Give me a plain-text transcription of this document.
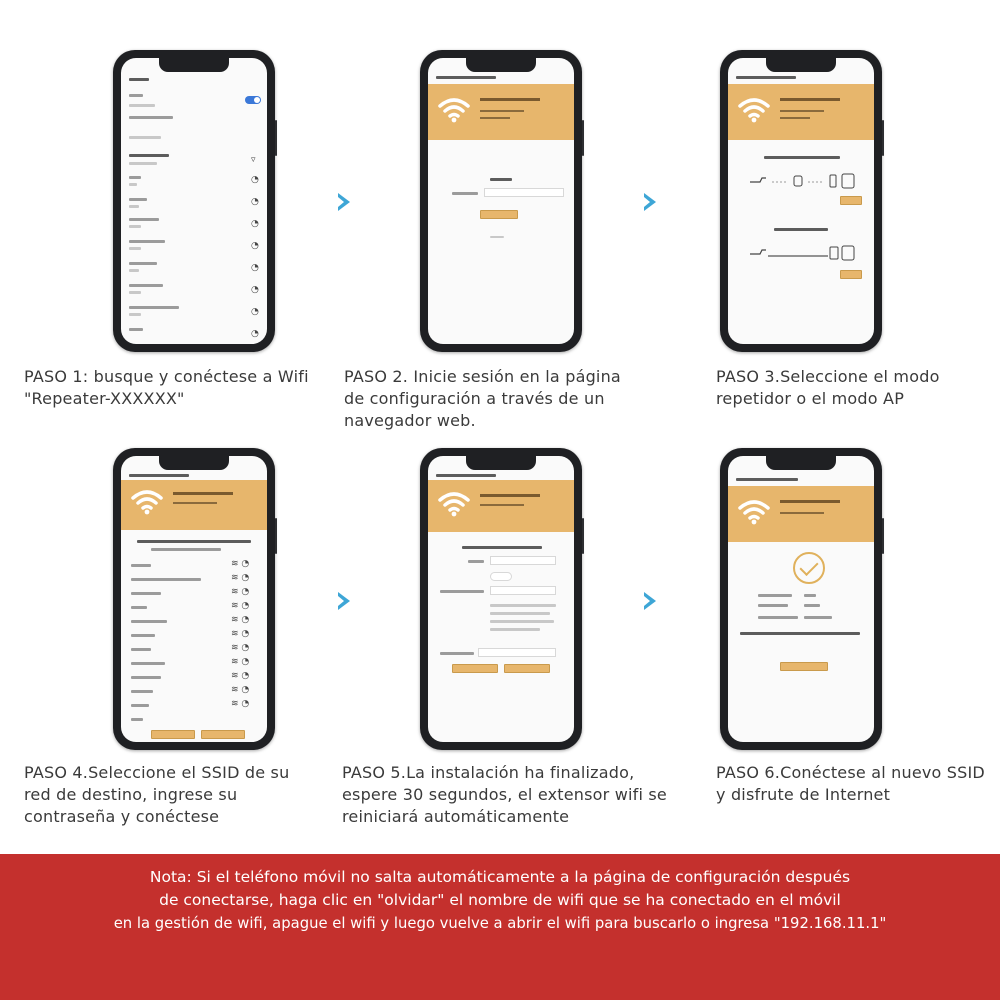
▿
◔
◔
◔
◔
◔
◔
◔
◔
PASO 1: busque y conéctese a Wifi "Repeater-XXXXXX"
PASO 2. Inicie sesión en la página de configuración a través de un navegador web.
PASO 3.Seleccione el modo repetidor o el modo AP
≋ ◔
≋ ◔
≋ ◔
≋ ◔
≋ ◔
≋ ◔
≋ ◔
≋ ◔
≋ ◔
≋ ◔
≋ ◔
PASO 4.Seleccione el SSID de su red de destino, ingrese su contraseña y conéctese
PASO 5.La instalación ha finalizado, espere 30 segundos, el extensor wifi se reiniciará automáticamente
PASO 6.Conéctese al nuevo SSID y disfrute de Internet
Nota: Si el teléfono móvil no salta automáticamente a la página de configuración después
de conectarse, haga clic en "olvidar" el nombre de wifi que se ha conectado en el móvil
en la gestión de wifi, apague el wifi y luego vuelve a abrir el wifi para buscarlo o ingresa "192.168.11.1"
